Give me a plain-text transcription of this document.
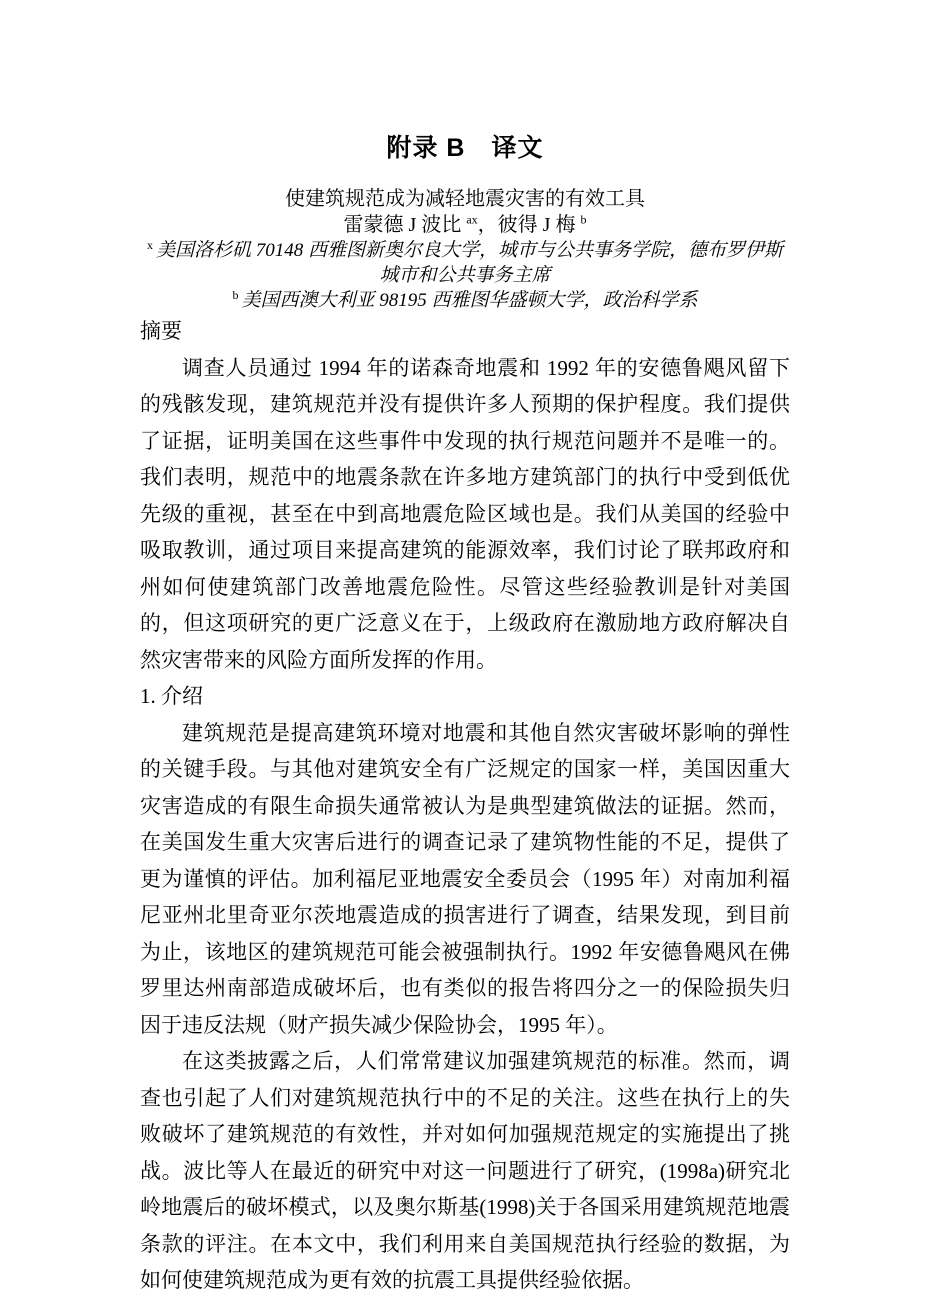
附录 B　译文

使建筑规范成为减轻地震灾害的有效工具

雷蒙德 J 波比 $^{ax}$，彼得 J 梅 $^b$

$^x$ 美国洛杉矶 70148 西雅图新奥尔良大学，城市与公共事务学院，德布罗伊斯城市和公共事务主席

$^b$ 美国西澳大利亚 98195 西雅图华盛顿大学，政治科学系

摘要

调查人员通过 1994 年的诺森奇地震和 1992 年的安德鲁飓风留下的残骸发现，建筑规范并没有提供许多人预期的保护程度。我们提供了证据，证明美国在这些事件中发现的执行规范问题并不是唯一的。我们表明，规范中的地震条款在许多地方建筑部门的执行中受到低优先级的重视，甚至在中到高地震危险区域也是。我们从美国的经验中吸取教训，通过项目来提高建筑的能源效率，我们讨论了联邦政府和州如何使建筑部门改善地震危险性。尽管这些经验教训是针对美国的，但这项研究的更广泛意义在于，上级政府在激励地方政府解决自然灾害带来的风险方面所发挥的作用。

1. 介绍

建筑规范是提高建筑环境对地震和其他自然灾害破坏影响的弹性的关键手段。与其他对建筑安全有广泛规定的国家一样，美国因重大灾害造成的有限生命损失通常被认为是典型建筑做法的证据。然而，在美国发生重大灾害后进行的调查记录了建筑物性能的不足，提供了更为谨慎的评估。加利福尼亚地震安全委员会（1995 年）对南加利福尼亚州北里奇亚尔茨地震造成的损害进行了调查，结果发现，到目前为止，该地区的建筑规范可能会被强制执行。1992 年安德鲁飓风在佛罗里达州南部造成破坏后，也有类似的报告将四分之一的保险损失归因于违反法规（财产损失减少保险协会，1995 年）。

在这类披露之后，人们常常建议加强建筑规范的标准。然而，调查也引起了人们对建筑规范执行中的不足的关注。这些在执行上的失败破坏了建筑规范的有效性，并对如何加强规范规定的实施提出了挑战。波比等人在最近的研究中对这一问题进行了研究，(1998a)研究北岭地震后的破坏模式，以及奥尔斯基(1998)关于各国采用建筑规范地震条款的评注。在本文中，我们利用来自美国规范执行经验的数据，为如何使建筑规范成为更有效的抗震工具提供经验依据。
